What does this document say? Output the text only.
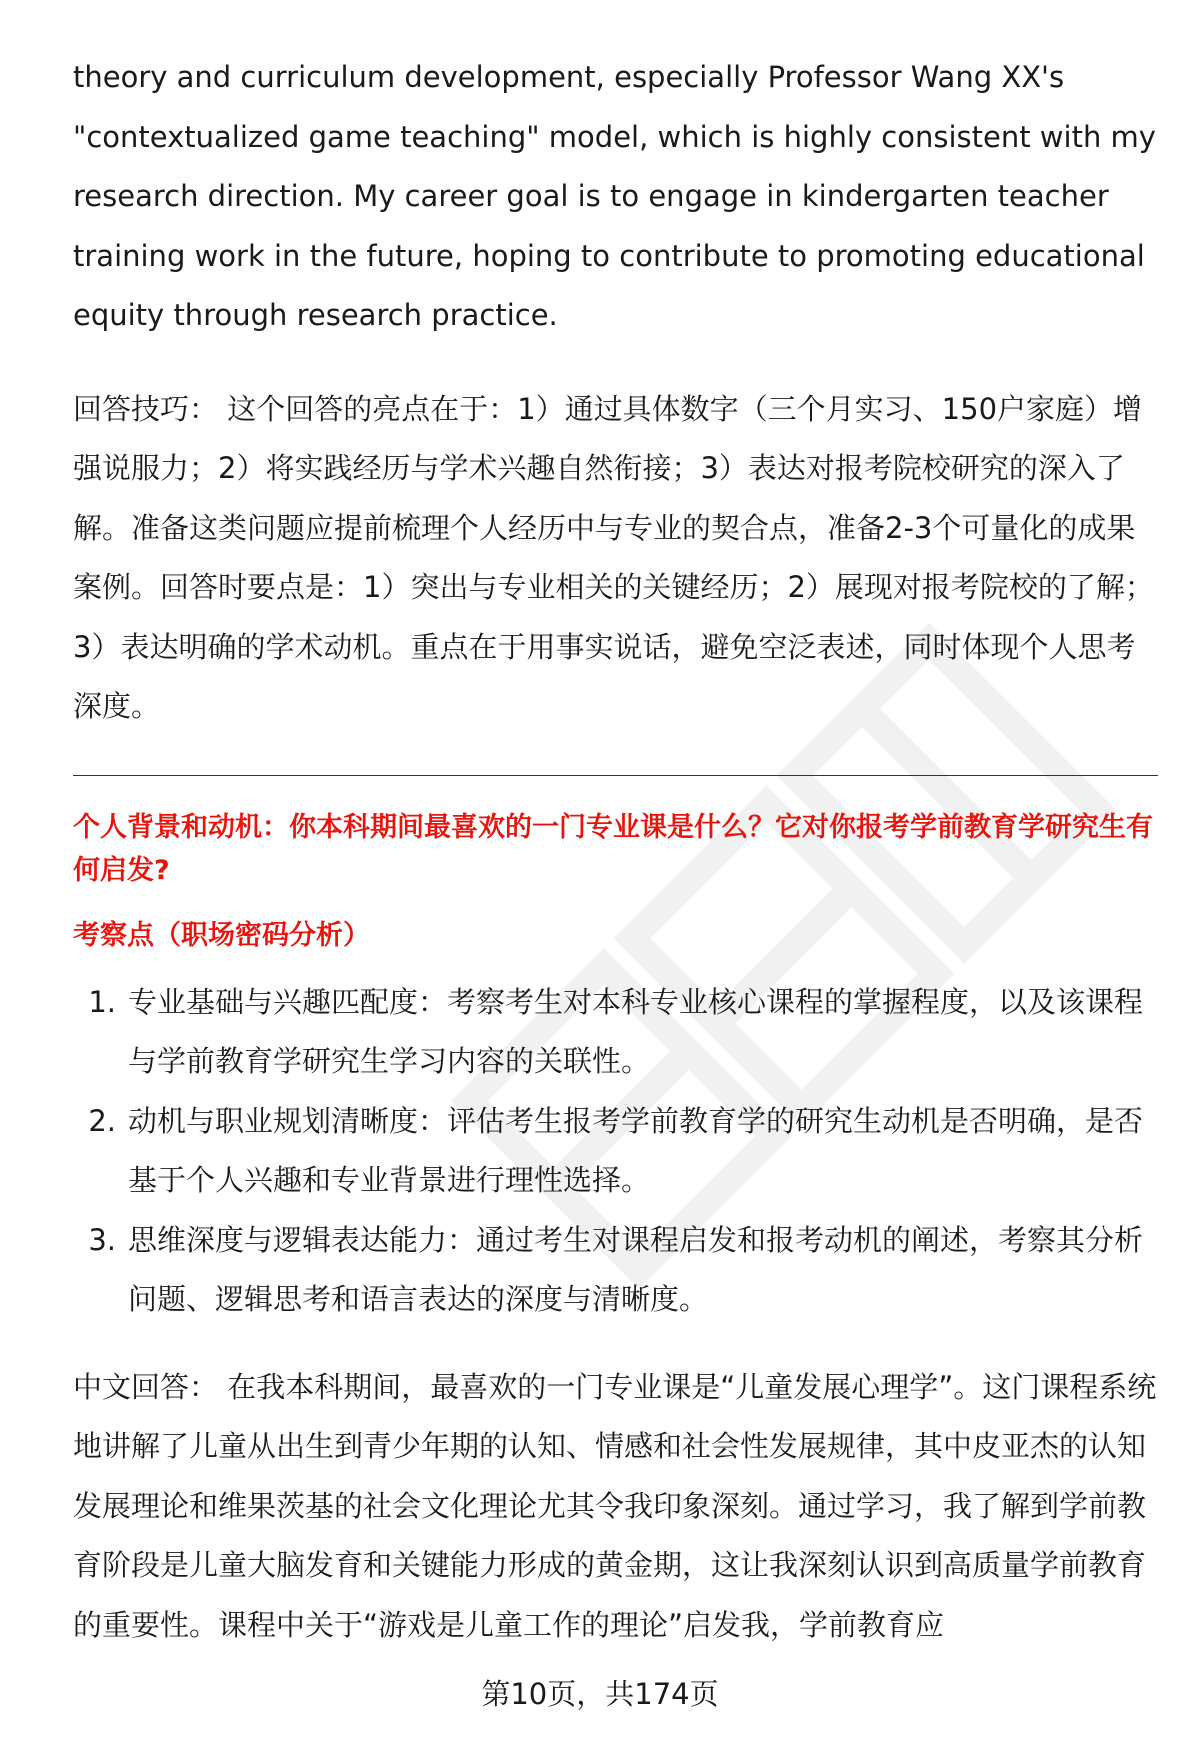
theory and curriculum development, especially Professor Wang XX's "contextualized game teaching" model, which is highly consistent with my research direction. My career goal is to engage in kindergarten teacher training work in the future, hoping to contribute to promoting educational equity through research practice.

回答技巧： 这个回答的亮点在于：1）通过具体数字（三个月实习、150户家庭）增强说服力；2）将实践经历与学术兴趣自然衔接；3）表达对报考院校研究的深入了解。准备这类问题应提前梳理个人经历中与专业的契合点，准备2-3个可量化的成果案例。回答时要点是：1）突出与专业相关的关键经历；2）展现对报考院校的了解；3）表达明确的学术动机。重点在于用事实说话，避免空泛表述，同时体现个人思考深度。

个人背景和动机：你本科期间最喜欢的一门专业课是什么？它对你报考学前教育学研究生有何启发?
考察点（职场密码分析）
1. 专业基础与兴趣匹配度：考察考生对本科专业核心课程的掌握程度，以及该课程与学前教育学研究生学习内容的关联性。
2. 动机与职业规划清晰度：评估考生报考学前教育学的研究生动机是否明确，是否基于个人兴趣和专业背景进行理性选择。
3. 思维深度与逻辑表达能力：通过考生对课程启发和报考动机的阐述，考察其分析问题、逻辑思考和语言表达的深度与清晰度。

中文回答： 在我本科期间，最喜欢的一门专业课是“儿童发展心理学”。这门课程系统地讲解了儿童从出生到青少年期的认知、情感和社会性发展规律，其中皮亚杰的认知发展理论和维果茨基的社会文化理论尤其令我印象深刻。通过学习，我了解到学前教育阶段是儿童大脑发育和关键能力形成的黄金期，这让我深刻认识到高质量学前教育的重要性。课程中关于“游戏是儿童工作的理论”启发我，学前教育应

第10页，共174页
